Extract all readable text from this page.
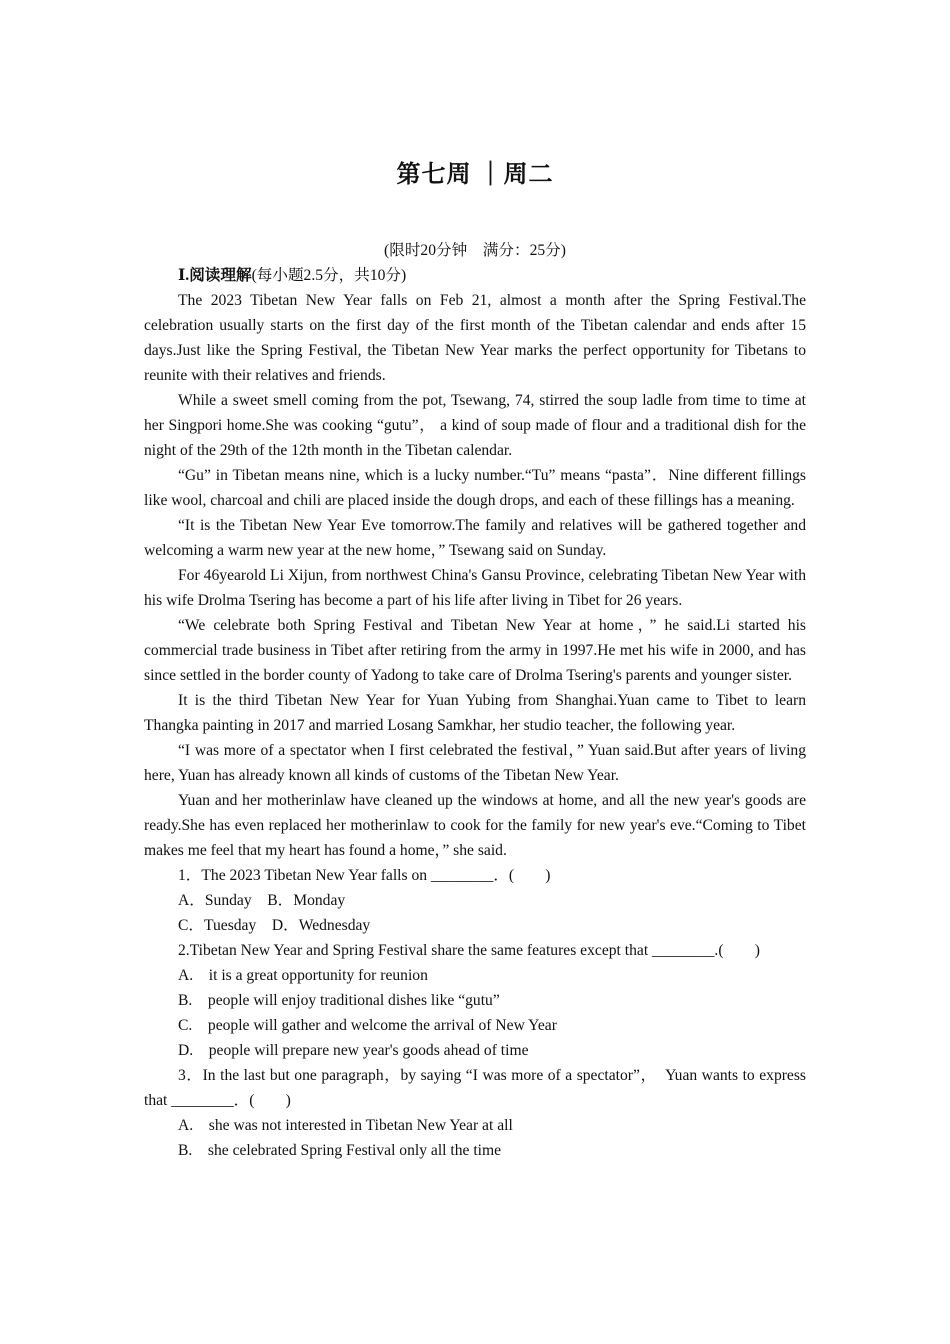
第七周 ｜周二

(限时20分钟　满分：25分)

Ⅰ.阅读理解(每小题2.5分，共10分)

The 2023 Tibetan New Year falls on Feb 21, almost a month after the Spring Festival.The celebration usually starts on the first day of the first month of the Tibetan calendar and ends after 15 days.Just like the Spring Festival, the Tibetan New Year marks the perfect opportunity for Tibetans to reunite with their relatives and friends.

While a sweet smell coming from the pot, Tsewang, 74, stirred the soup ladle from time to time at her Singpori home.She was cooking “gutu”， a kind of soup made of flour and a traditional dish for the night of the 29th of the 12th month in the Tibetan calendar.

“Gu” in Tibetan means nine, which is a lucky number.“Tu” means “pasta”．Nine different fillings like wool, charcoal and chili are placed inside the dough drops, and each of these fillings has a meaning.

“It is the Tibetan New Year Eve tomorrow.The family and relatives will be gathered together and welcoming a warm new year at the new home，” Tsewang said on Sunday.

For 46yearold Li Xijun, from northwest China's Gansu Province, celebrating Tibetan New Year with his wife Drolma Tsering has become a part of his life after living in Tibet for 26 years.

“We celebrate both Spring Festival and Tibetan New Year at home，” he said.Li started his commercial trade business in Tibet after retiring from the army in 1997.He met his wife in 2000, and has since settled in the border county of Yadong to take care of Drolma Tsering's parents and younger sister.

It is the third Tibetan New Year for Yuan Yubing from Shanghai.Yuan came to Tibet to learn Thangka painting in 2017 and married Losang Samkhar, her studio teacher, the following year.

“I was more of a spectator when I first celebrated the festival，” Yuan said.But after years of living here, Yuan has already known all kinds of customs of the Tibetan New Year.

Yuan and her motherinlaw have cleaned up the windows at home, and all the new year's goods are ready.She has even replaced her motherinlaw to cook for the family for new year's eve.“Coming to Tibet makes me feel that my heart has found a home，” she said.

1．The 2023 Tibetan New Year falls on ________．(　　)

A．Sunday　B．Monday

C．Tuesday　D．Wednesday

2.Tibetan New Year and Spring Festival share the same features except that ________.(　　)

A.　it is a great opportunity for reunion

B.　people will enjoy traditional dishes like “gutu”

C.　people will gather and welcome the arrival of New Year

D.　people will prepare new year's goods ahead of time

3．In the last but one paragraph，by saying “I was more of a spectator”，　Yuan wants to express that ________．(　　)

A.　she was not interested in Tibetan New Year at all

B.　she celebrated Spring Festival only all the time
